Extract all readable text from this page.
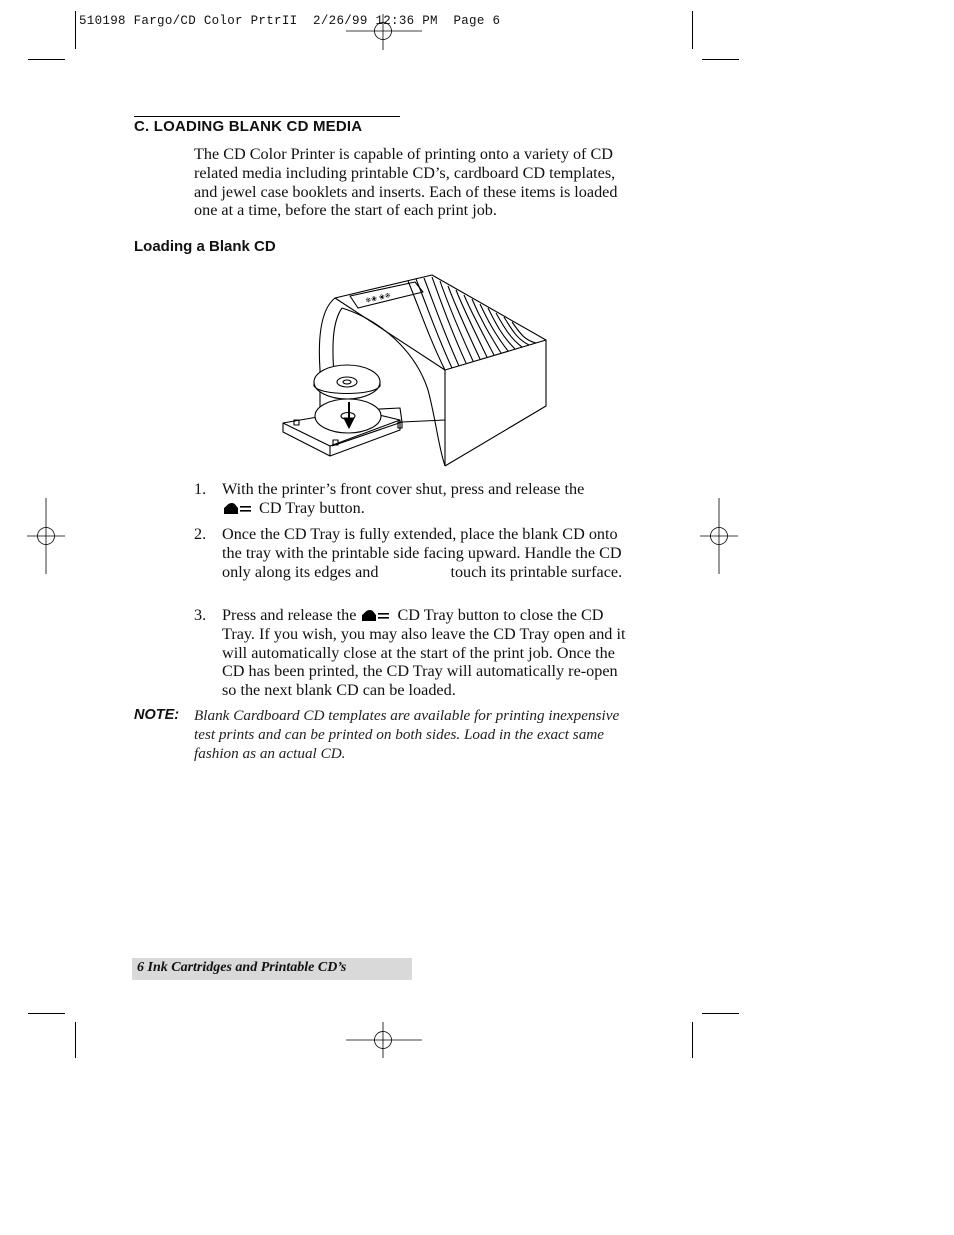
510198 Fargo/CD Color PrtrII  2/26/99 12:36 PM  Page 6
C. LOADING BLANK CD MEDIA
The CD Color Printer is capable of printing onto a variety of CD related media including printable CD’s, cardboard CD templates, and jewel case booklets and inserts. Each of these items is loaded one at a time, before the start of each print job.
Loading a Blank CD
❄❀ ❀❄
1. With the printer’s front cover shut, press and release the
CD Tray button.
2. Once the CD Tray is fully extended, place the blank CD onto the tray with the printable side facing upward. Handle the CD only along its edges and	touch its printable surface.
3. Press and release the  CD Tray button to close the CD Tray. If you wish, you may also leave the CD Tray open and it will automatically close at the start of the print job. Once the CD has been printed, the CD Tray will automatically re-open so the next blank CD can be loaded.
NOTE: Blank Cardboard CD templates are available for printing inexpensive test prints and can be printed on both sides. Load in the exact same fashion as an actual CD.
6 Ink Cartridges and Printable CD’s
